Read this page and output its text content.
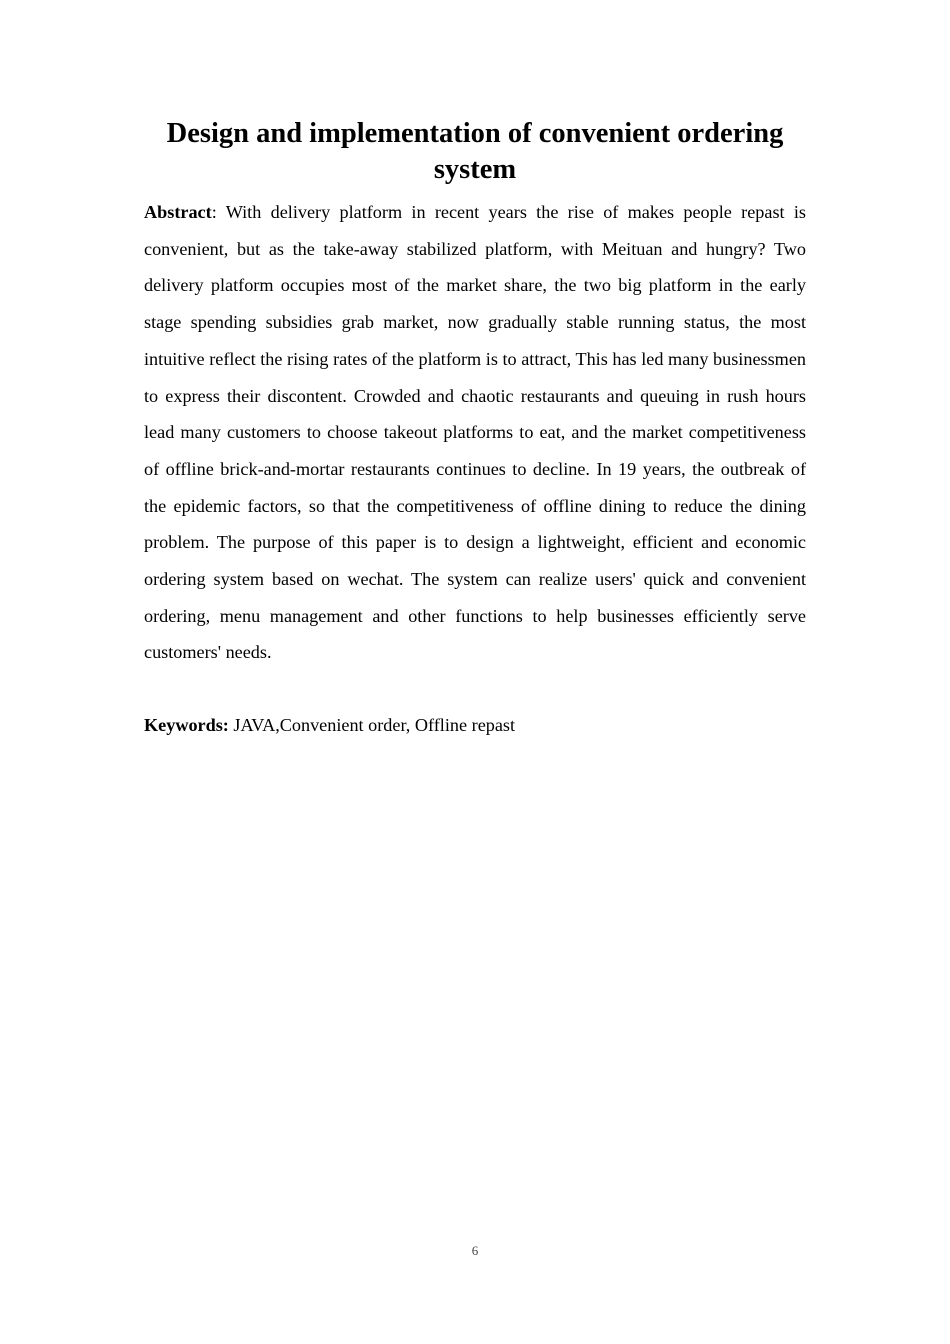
Design and implementation of convenient ordering system

Abstract: With delivery platform in recent years the rise of makes people repast is convenient, but as the take-away stabilized platform, with Meituan and hungry? Two delivery platform occupies most of the market share, the two big platform in the early stage spending subsidies grab market, now gradually stable running status, the most intuitive reflect the rising rates of the platform is to attract, This has led many businessmen to express their discontent. Crowded and chaotic restaurants and queuing in rush hours lead many customers to choose takeout platforms to eat, and the market competitiveness of offline brick-and-mortar restaurants continues to decline. In 19 years, the outbreak of the epidemic factors, so that the competitiveness of offline dining to reduce the dining problem. The purpose of this paper is to design a lightweight, efficient and economic ordering system based on wechat. The system can realize users' quick and convenient ordering, menu management and other functions to help businesses efficiently serve customers' needs.

Keywords: JAVA,Convenient order, Offline repast

6
